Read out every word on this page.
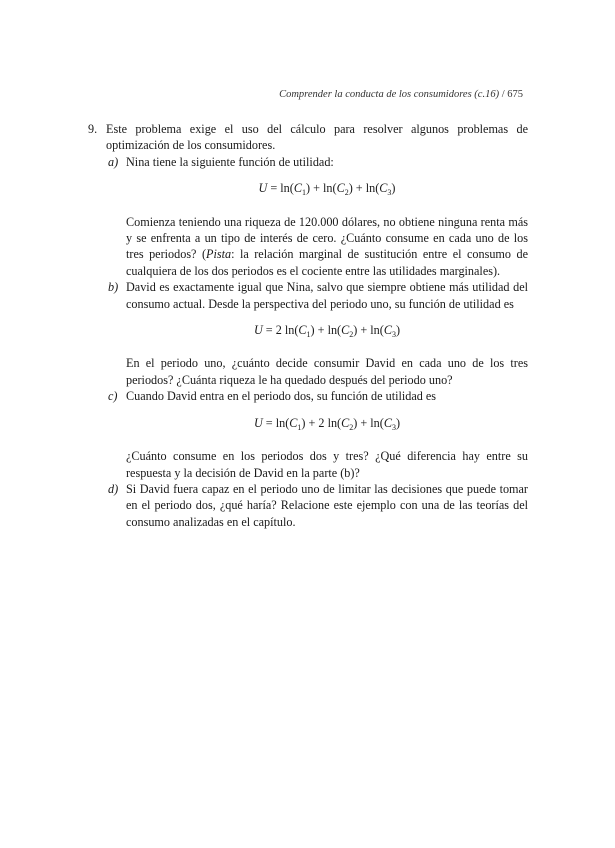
Comprender la conducta de los consumidores (c.16) / 675
9. Este problema exige el uso del cálculo para resolver algunos problemas de optimización de los consumidores.
a) Nina tiene la siguiente función de utilidad:

$U = \ln(C_1) + \ln(C_2) + \ln(C_3)$

Comienza teniendo una riqueza de 120.000 dólares, no obtiene ninguna renta más y se enfrenta a un tipo de interés de cero. ¿Cuánto consume en cada uno de los tres periodos? (Pista: la relación marginal de sustitución entre el consumo de cualquiera de los dos periodos es el cociente entre las utilidades marginales).

b) David es exactamente igual que Nina, salvo que siempre obtiene más utilidad del consumo actual. Desde la perspectiva del periodo uno, su función de utilidad es

U = 2 $\ln(C_1) + \ln(C_2) + \ln(C_3)$

En el periodo uno, ¿cuánto decide consumir David en cada uno de los tres periodos? ¿Cuánta riqueza le ha quedado después del periodo uno?

c) Cuando David entra en el periodo dos, su función de utilidad es

$U = \ln(C_1) + 2$ $\ln(C_2) + \ln(C_3)$

¿Cuánto consume en los periodos dos y tres? ¿Qué diferencia hay entre su respuesta y la decisión de David en la parte (b)?

d) Si David fuera capaz en el periodo uno de limitar las decisiones que puede tomar en el periodo dos, ¿qué haría? Relacione este ejemplo con una de las teorías del consumo analizadas en el capítulo.
